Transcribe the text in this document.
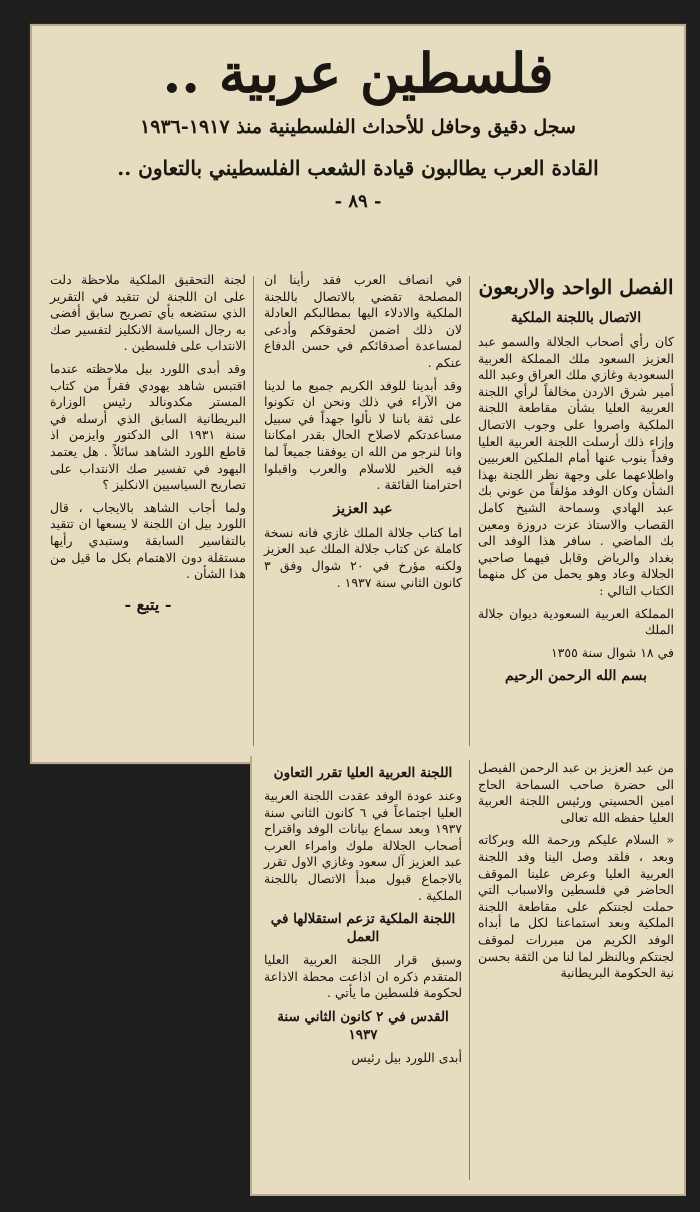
فلسطين عربية ..
سجل دقيق وحافل للأحداث الفلسطينية منذ ١٩١٧-١٩٣٦
القادة العرب يطالبون قيادة الشعب الفلسطيني بالتعاون ..
- ٨٩ -
الفصل الواحد والاربعون
الاتصال باللجنة الملكية

كان رأي أصحاب الجلالة والسمو عبد العزيز السعود ملك المملكة العربية السعودية وغازي ملك العراق وعبد الله أمير شرق الاردن مخالفاً لرأي اللجنة العربية العليا بشأن مقاطعة اللجنة الملكية واصروا على وجوب الاتصال وإزاء ذلك أرسلت اللجنة العربية العليا وفداً ينوب عنها أمام الملكين العربيين واطلاعهما على وجهة نظر اللجنة بهذا الشأن وكان الوفد مؤلفاً من عوني بك عبد الهادي وسماحة الشيخ كامل القصاب والاستاذ عزت دروزة ومعين بك الماضي . سافر هذا الوفد الى بغداد والرياض وقابل فيهما صاحبي الجلالة وعاد وهو يحمل من كل منهما الكتاب التالي :

المملكة العربية السعودية ديوان جلالة الملك

في ١٨ شوال سنة ١٣٥٥

بسم الله الرحمن الرحيم

في انصاف العرب فقد رأينا ان المصلحة تقضي بالاتصال باللجنة الملكية والادلاء اليها بمطالبكم العادلة لان ذلك اضمن لحقوقكم وأدعى لمساعدة أصدقائكم في حسن الدفاع عنكم .

وقد أبدينا للوفد الكريم جميع ما لدينا من الآراء في ذلك ونحن ان تكونوا على ثقة باننا لا نألوا جهداً في سبيل مساعدتكم لاصلاح الحال بقدر امكاننا وانا لنرجو من الله ان يوفقنا جميعاً لما فيه الخير للاسلام والعرب واقبلوا احترامنا الفائقة .

عبد العزيز

اما كتاب جلالة الملك غازي فانه نسخة كاملة عن كتاب جلالة الملك عبد العزيز ولكنه مؤرخ في ٢٠ شوال وفق ٣ كانون الثاني سنة ١٩٣٧ .

لجنة التحقيق الملكية ملاحظة دلت على ان اللجنة لن تتقيد في التقرير الذي ستضعه بأي تصريح سابق أفضى به رجال السياسة الانكليز لتفسير صك الانتداب على فلسطين .

وقد أبدى اللورد بيل ملاحظته عندما اقتبس شاهد يهودي فقراً من كتاب المستر مكدونالد رئيس الوزارة البريطانية السابق الذي أرسله في سنة ١٩٣١ الى الدكتور وايزمن اذ قاطع اللورد الشاهد سائلاً . هل يعتمد اليهود في تفسير صك الانتداب على تصاريح السياسيين الانكليز ؟

ولما أجاب الشاهد بالايجاب ، قال اللورد بيل ان اللجنة لا يسعها ان تتقيد بالتفاسير السابقة وستبدي رأيها مستقلة دون الاهتمام بكل ما قيل من هذا الشأن .

- يتبع -

من عبد العزيز بن عبد الرحمن الفيصل الى حضرة صاحب السماحة الحاج امين الحسيني ورئيس اللجنة العربية العليا حفظه الله تعالى

« السلام عليكم ورحمة الله وبركاته وبعد ، فلقد وصل الينا وفد اللجنة العربية العليا وعرض علينا الموقف الحاضر في فلسطين والاسباب التي حملت لجنتكم على مقاطعة اللجنة الملكية وبعد استماعنا لكل ما أبداه الوفد الكريم من مبررات لموقف لجنتكم وبالنظر لما لنا من الثقة بحسن نية الحكومة البريطانية

اللجنة العربية العليا تقرر التعاون

وعند عودة الوفد عقدت اللجنة العربية العليا اجتماعاً في ٦ كانون الثاني سنة ١٩٣٧ وبعد سماع بيانات الوفد واقتراح أصحاب الجلالة ملوك وامراء العرب عبد العزيز آل سعود وغازي الاول تقرر بالاجماع قبول مبدأ الاتصال باللجنة الملكية .

اللجنة الملكية تزعم استقلالها في العمل

وسبق قرار اللجنة العربية العليا المتقدم ذكره ان اذاعت محطة الاذاعة لحكومة فلسطين ما يأتي .

القدس في ٢ كانون الثاني سنة ١٩٣٧

أبدى اللورد بيل رئيس
